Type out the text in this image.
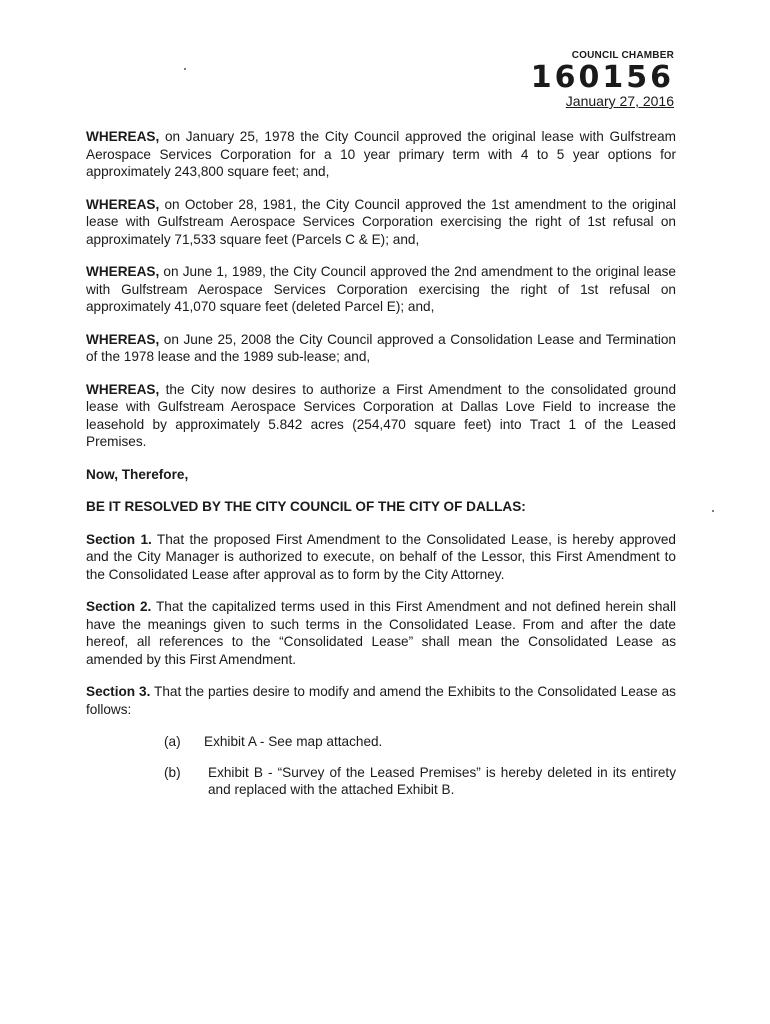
COUNCIL CHAMBER
160156
January 27, 2016

WHEREAS, on January 25, 1978 the City Council approved the original lease with Gulfstream Aerospace Services Corporation for a 10 year primary term with 4 to 5 year options for approximately 243,800 square feet; and,

WHEREAS, on October 28, 1981, the City Council approved the 1st amendment to the original lease with Gulfstream Aerospace Services Corporation exercising the right of 1st refusal on approximately 71,533 square feet (Parcels C & E); and,

WHEREAS, on June 1, 1989, the City Council approved the 2nd amendment to the original lease with Gulfstream Aerospace Services Corporation exercising the right of 1st refusal on approximately 41,070 square feet (deleted Parcel E); and,

WHEREAS, on June 25, 2008 the City Council approved a Consolidation Lease and Termination of the 1978 lease and the 1989 sub-lease; and,

WHEREAS, the City now desires to authorize a First Amendment to the consolidated ground lease with Gulfstream Aerospace Services Corporation at Dallas Love Field to increase the leasehold by approximately 5.842 acres (254,470 square feet) into Tract 1 of the Leased Premises.

Now, Therefore,

BE IT RESOLVED BY THE CITY COUNCIL OF THE CITY OF DALLAS:

Section 1. That the proposed First Amendment to the Consolidated Lease, is hereby approved and the City Manager is authorized to execute, on behalf of the Lessor, this First Amendment to the Consolidated Lease after approval as to form by the City Attorney.

Section 2. That the capitalized terms used in this First Amendment and not defined herein shall have the meanings given to such terms in the Consolidated Lease. From and after the date hereof, all references to the “Consolidated Lease” shall mean the Consolidated Lease as amended by this First Amendment.

Section 3. That the parties desire to modify and amend the Exhibits to the Consolidated Lease as follows:

(a) Exhibit A - See map attached.
(b) Exhibit B - “Survey of the Leased Premises” is hereby deleted in its entirety and replaced with the attached Exhibit B.
